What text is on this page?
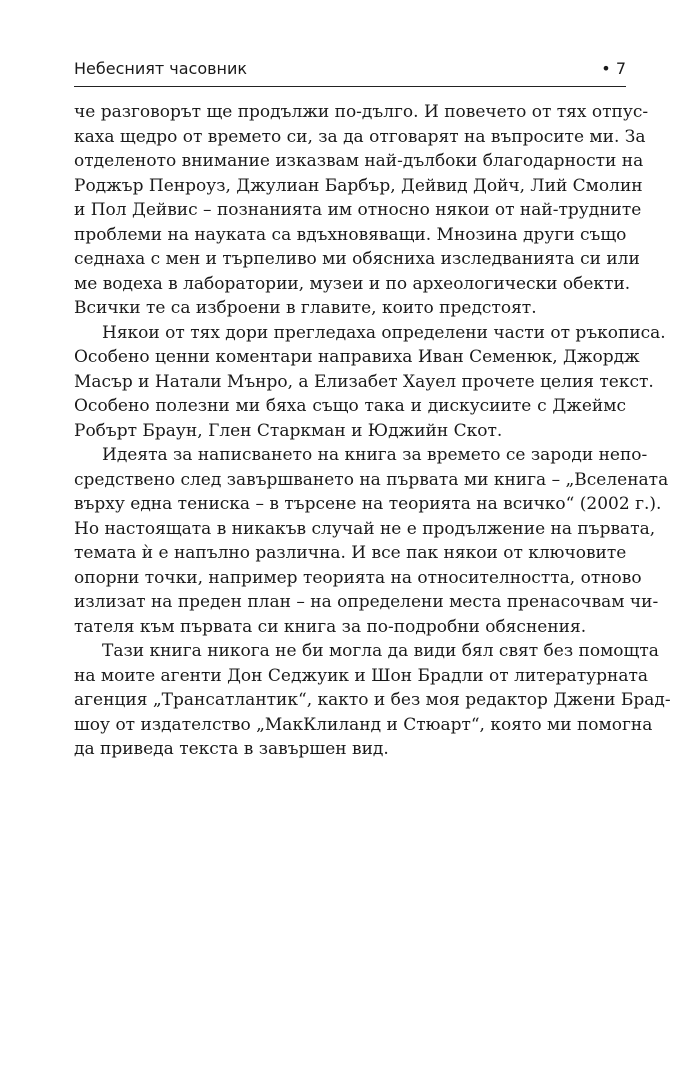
Небесният часовник	• 7
че разговорът ще продължи по-дълго. И повечето от тях отпус-
каха щедро от времето си, за да отговарят на въпросите ми. За
отделеното внимание изказвам най-дълбоки благодарности на
Роджър Пенроуз, Джулиан Барбър, Дейвид Дойч, Лий Смолин
и Пол Дейвис – познанията им относно някои от най-трудните
проблеми на науката са вдъхновяващи. Мнозина други също
седнаха с мен и търпеливо ми обясниха изследванията си или
ме водеха в лаборатории, музеи и по археологически обекти.
Всички те са изброени в главите, които предстоят.
Някои от тях дори прегледаха определени части от ръкописа.
Особено ценни коментари направиха Иван Семенюк, Джордж
Масър и Натали Мънро, а Елизабет Хауел прочете целия текст.
Особено полезни ми бяха също така и дискусиите с Джеймс
Робърт Браун, Глен Старкман и Юджийн Скот.
Идеята за написването на книга за времето се зароди непо-
средствено след завършването на първата ми книга – „Вселената
върху една тениска – в търсене на теорията на всичко“ (2002 г.).
Но настоящата в никакъв случай не е продължение на първата,
темата ѝ е напълно различна. И все пак някои от ключовите
опорни точки, например теорията на относителността, отново
излизат на преден план – на определени места пренасочвам чи-
тателя към първата си книга за по-подробни обяснения.
Тази книга никога не би могла да види бял свят без помощта
на моите агенти Дон Седжуик и Шон Брадли от литературната
агенция „Трансатлантик“, както и без моя редактор Джени Брад-
шоу от издателство „МакКлиланд и Стюарт“, която ми помогна
да приведа текста в завършен вид.
